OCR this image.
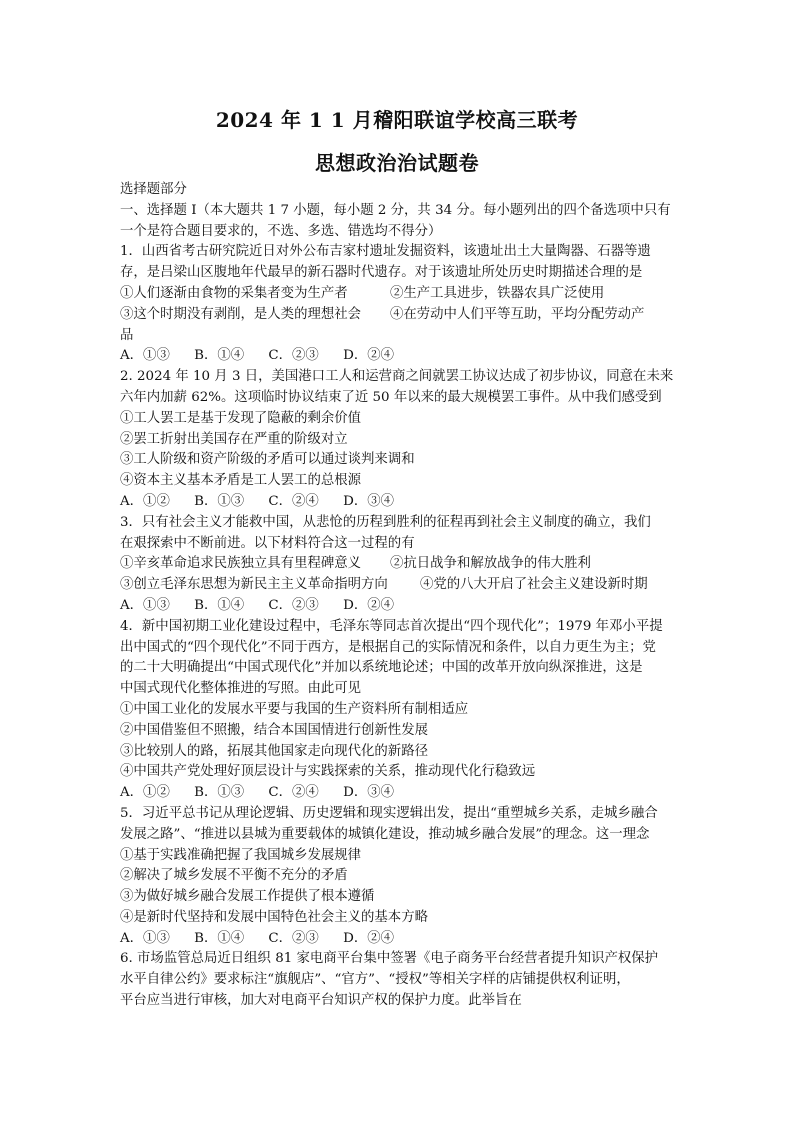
2024 年 1 1 月稽阳联谊学校高三联考
思想政治治试题卷
选择题部分
一、选择题 I（本大题共 1 7 小题，每小题 2 分，共 34 分。每小题列出的四个备选项中只有
一个是符合题目要求的，不选、多选、错选均不得分）
1．山西省考古研究院近日对外公布吉家村遗址发掘资料，该遗址出土大量陶器、石器等遗
存，是吕梁山区腹地年代最早的新石器时代遗存。对于该遗址所处历史时期描述合理的是
①人们逐渐由食物的采集者变为生产者	②生产工具进步，铁器农具广泛使用
③这个时期没有剥削，是人类的理想社会	④在劳动中人们平等互助，平均分配劳动产
品
A．①③ B．①④ C．②③ D．②④
2. 2024 年 10 月 3 日，美国港口工人和运营商之间就罢工协议达成了初步协议，同意在未来
六年内加薪 62%。这项临时协议结束了近 50 年以来的最大规模罢工事件。从中我们感受到
①工人罢工是基于发现了隐蔽的剩余价值
②罢工折射出美国存在严重的阶级对立
③工人阶级和资产阶级的矛盾可以通过谈判来调和
④资本主义基本矛盾是工人罢工的总根源
A．①② B．①③ C．②④ D．③④
3．只有社会主义才能救中国，从悲怆的历程到胜利的征程再到社会主义制度的确立，我们
在艰探索中不断前进。以下材料符合这一过程的有
①辛亥革命追求民族独立具有里程碑意义	②抗日战争和解放战争的伟大胜利
③创立毛泽东思想为新民主主义革命指明方向	④党的八大开启了社会主义建设新时期
A．①③ B．①④ C．②③ D．②④
4．新中国初期工业化建设过程中，毛泽东等同志首次提出“四个现代化”；1979 年邓小平提
出中国式的“四个现代化”不同于西方，是根据自己的实际情况和条件，以自力更生为主；党
的二十大明确提出“中国式现代化”并加以系统地论述；中国的改革开放向纵深推进，这是
中国式现代化整体推进的写照。由此可见
①中国工业化的发展水平要与我国的生产资料所有制相适应
②中国借鉴但不照搬，结合本国国情进行创新性发展
③比较别人的路，拓展其他国家走向现代化的新路径
④中国共产党处理好顶层设计与实践探索的关系，推动现代化行稳致远
A．①② B．①③ C．②④ D．③④
5．习近平总书记从理论逻辑、历史逻辑和现实逻辑出发，提出“重塑城乡关系，走城乡融合
发展之路”、“推进以县城为重要载体的城镇化建设，推动城乡融合发展”的理念。这一理念
①基于实践准确把握了我国城乡发展规律
②解决了城乡发展不平衡不充分的矛盾
③为做好城乡融合发展工作提供了根本遵循
④是新时代坚持和发展中国特色社会主义的基本方略
A．①③ B．①④ C．②③ D．②④
6. 市场监管总局近日组织 81 家电商平台集中签署《电子商务平台经营者提升知识产权保护
水平自律公约》要求标注“旗舰店”、“官方”、“授权”等相关字样的店铺提供权利证明，
平台应当进行审核，加大对电商平台知识产权的保护力度。此举旨在
